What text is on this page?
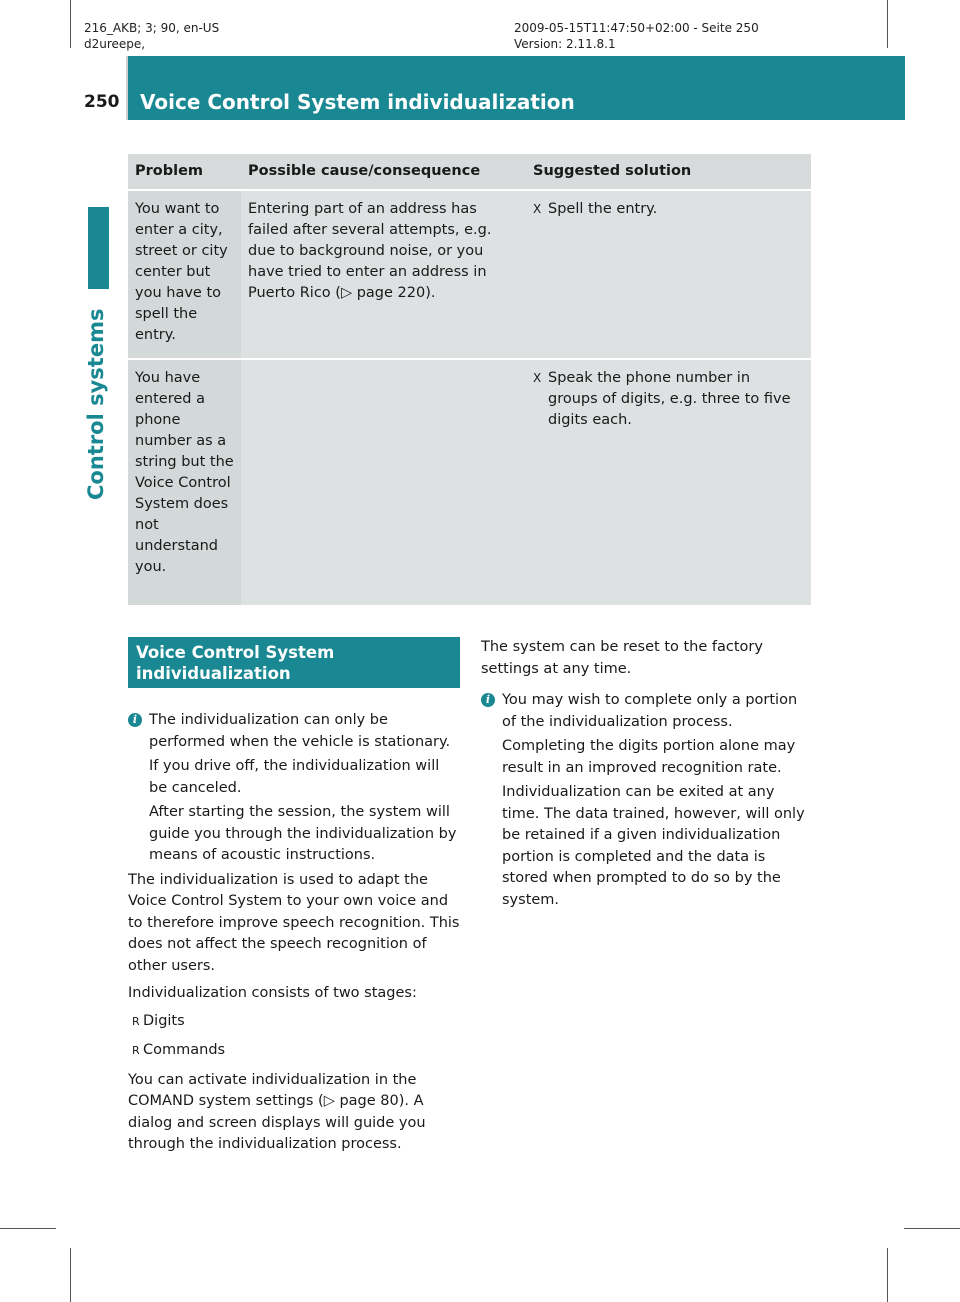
216_AKB; 3; 90, en-US
d2ureepe,
2009-05-15T11:47:50+02:00 - Seite 250
Version: 2.11.8.1
250 Voice Control System individualization
Control systems
Problem	Possible cause/consequence	Suggested solution
You want to enter a city, street or city center but you have to spell the entry.	Entering part of an address has failed after several attempts, e.g. due to background noise, or you have tried to enter an address in Puerto Rico (▷ page 220).	X Spell the entry.

You have entered a phone number as a string but the Voice Control System does not understand you.		X Speak the phone number in groups of digits, e.g. three to five digits each.
Voice Control System individualization
i The individualization can only be performed when the vehicle is stationary.
If you drive off, the individualization will be canceled.
After starting the session, the system will guide you through the individualization by means of acoustic instructions.
The individualization is used to adapt the Voice Control System to your own voice and to therefore improve speech recognition. This does not affect the speech recognition of other users.
Individualization consists of two stages:
R Digits
R Commands
You can activate individualization in the COMAND system settings (▷ page 80). A dialog and screen displays will guide you through the individualization process.
The system can be reset to the factory settings at any time.
i You may wish to complete only a portion of the individualization process.
Completing the digits portion alone may result in an improved recognition rate.
Individualization can be exited at any time. The data trained, however, will only be retained if a given individualization portion is completed and the data is stored when prompted to do so by the system.
